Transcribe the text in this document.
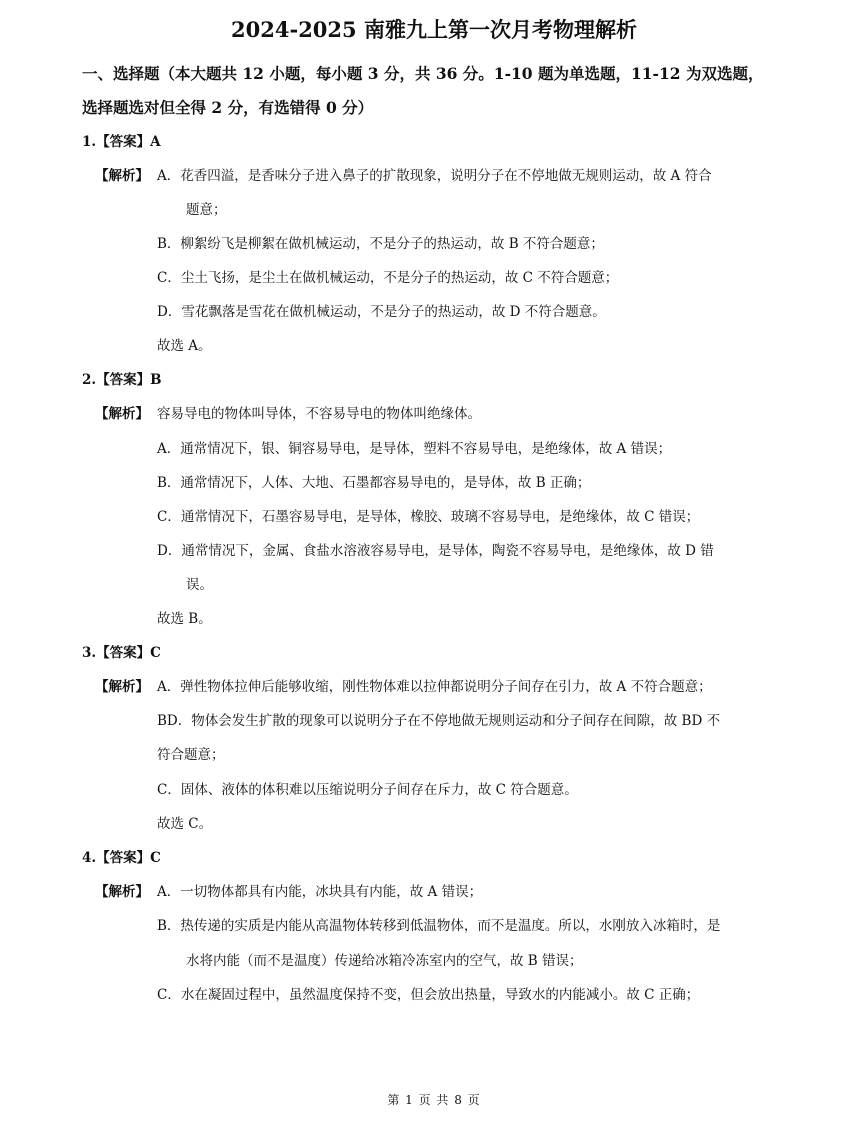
2024-2025 南雅九上第一次月考物理解析
一、选择题（本大题共 12 小题，每小题 3 分，共 36 分。1-10 题为单选题，11-12 为双选题，
选择题选对但全得 2 分，有选错得 0 分）
1.【答案】A
【解析】 A．花香四溢，是香味分子进入鼻子的扩散现象，说明分子在不停地做无规则运动，故 A 符合
题意；
B．柳絮纷飞是柳絮在做机械运动，不是分子的热运动，故 B 不符合题意；
C．尘土飞扬，是尘土在做机械运动，不是分子的热运动，故 C 不符合题意；
D．雪花飘落是雪花在做机械运动，不是分子的热运动，故 D 不符合题意。
故选 A。
2.【答案】B
【解析】 容易导电的物体叫导体，不容易导电的物体叫绝缘体。
A．通常情况下，银、铜容易导电，是导体，塑料不容易导电，是绝缘体，故 A 错误；
B．通常情况下，人体、大地、石墨都容易导电的，是导体，故 B 正确；
C．通常情况下，石墨容易导电，是导体，橡胶、玻璃不容易导电，是绝缘体，故 C 错误；
D．通常情况下，金属、食盐水溶液容易导电，是导体，陶瓷不容易导电，是绝缘体，故 D 错
误。
故选 B。
3.【答案】C
【解析】 A．弹性物体拉伸后能够收缩，刚性物体难以拉伸都说明分子间存在引力，故 A 不符合题意；
BD．物体会发生扩散的现象可以说明分子在不停地做无规则运动和分子间存在间隙，故 BD 不
符合题意；
C．固体、液体的体积难以压缩说明分子间存在斥力，故 C 符合题意。
故选 C。
4.【答案】C
【解析】 A．一切物体都具有内能，冰块具有内能，故 A 错误；
B．热传递的实质是内能从高温物体转移到低温物体，而不是温度。所以，水刚放入冰箱时，是
水将内能（而不是温度）传递给冰箱冷冻室内的空气，故 B 错误；
C．水在凝固过程中，虽然温度保持不变，但会放出热量，导致水的内能减小。故 C 正确；
第 1 页 共 8 页
